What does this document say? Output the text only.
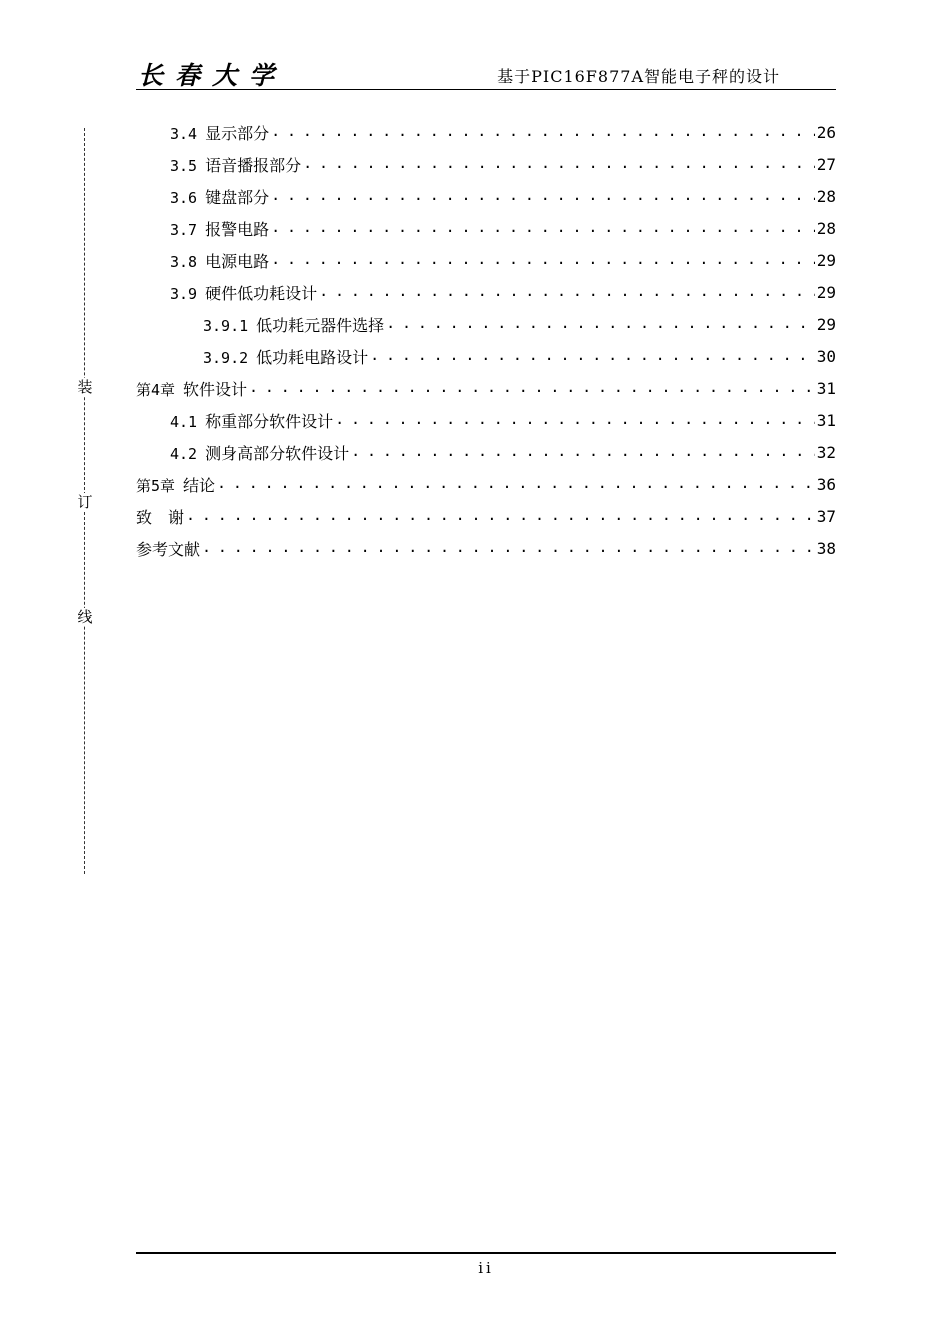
长春大学	基于PIC16F877A智能电子秤的设计
装
订
线
3.4 显示部分 . . .	26
3.5 语音播报部分 . . .	27
3.6 键盘部分 . . .	28
3.7 报警电路 . . .	28
3.8 电源电路 . . .	29
3.9 硬件低功耗设计 . . .	29
3.9.1 低功耗元器件选择 . . .	29
3.9.2 低功耗电路设计 . . .	30
第4章 软件设计 . . .	31
4.1 称重部分软件设计 . . .	31
4.2 测身高部分软件设计 . . .	32
第5章 结论 . . .	36
致　谢 . . .	37
参考文献 . . .	38
ii
